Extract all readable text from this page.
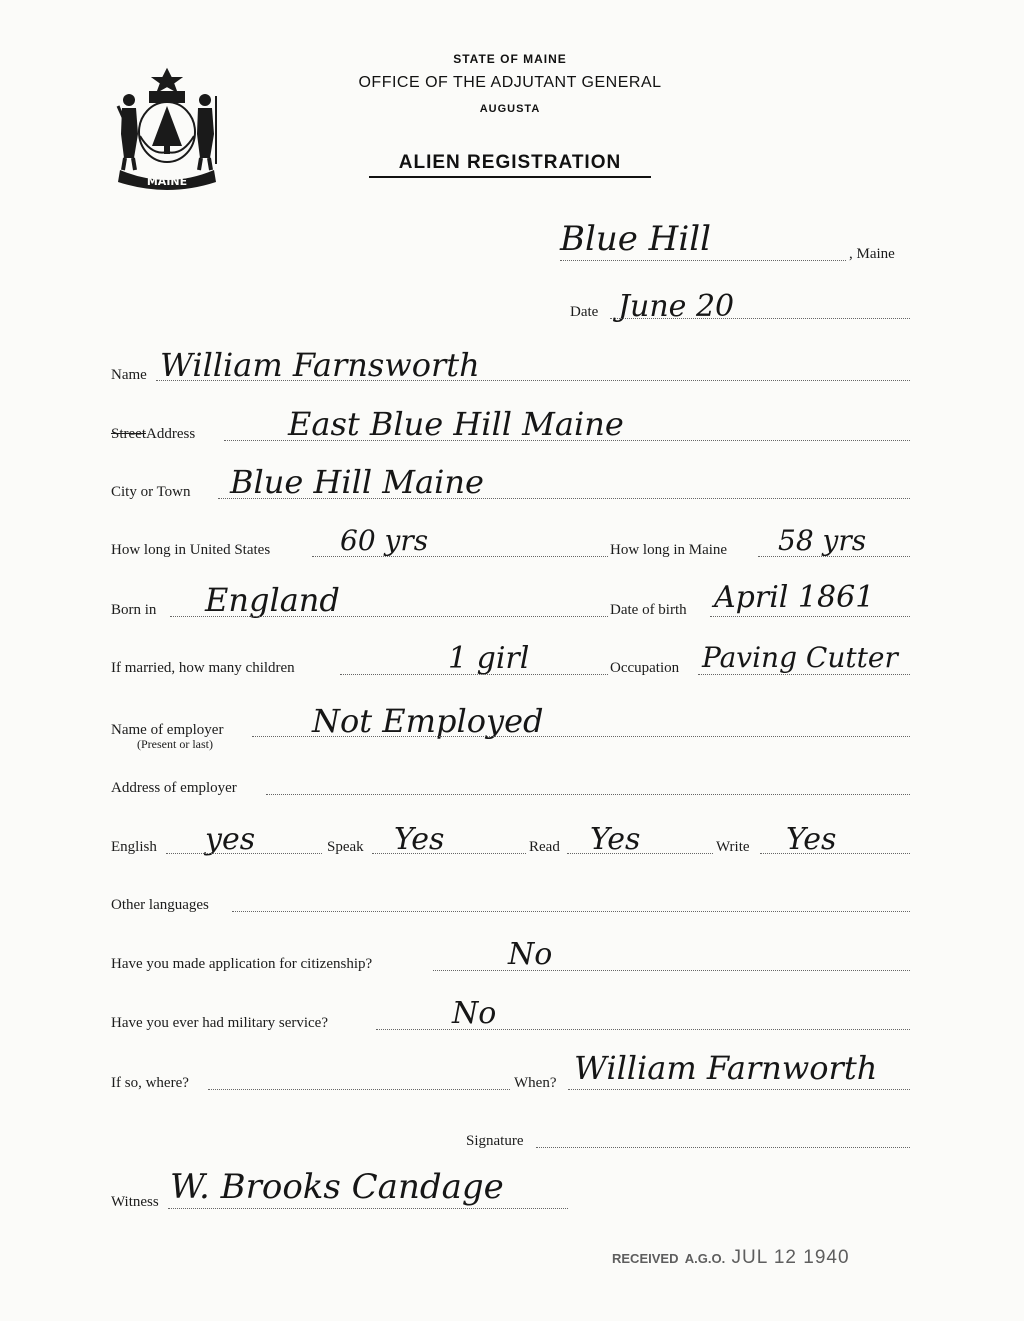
MAINE
STATE OF MAINE
OFFICE OF THE ADJUTANT GENERAL
AUGUSTA
ALIEN REGISTRATION
Blue Hill	, Maine
Date June 20
Name William Farnsworth
StreetAddress	East Blue Hill Maine
City or Town Blue Hill Maine
How long in United States 60 yrs	How long in Maine 58 yrs
Born in England	Date of birth April 1861
If married, how many children	1 girl	Occupation Paving Cutter
Name of employer
(Present or last)
Not Employed
Address of employer
English yes	Speak Yes	Read Yes	Write Yes
Other languages
Have you made application for citizenship?	No
Have you ever had military service?	No
If so, where?	When? William Farnworth
Signature
Witness W. Brooks Candage
RECEIVED A.G.O. JUL 12 1940
